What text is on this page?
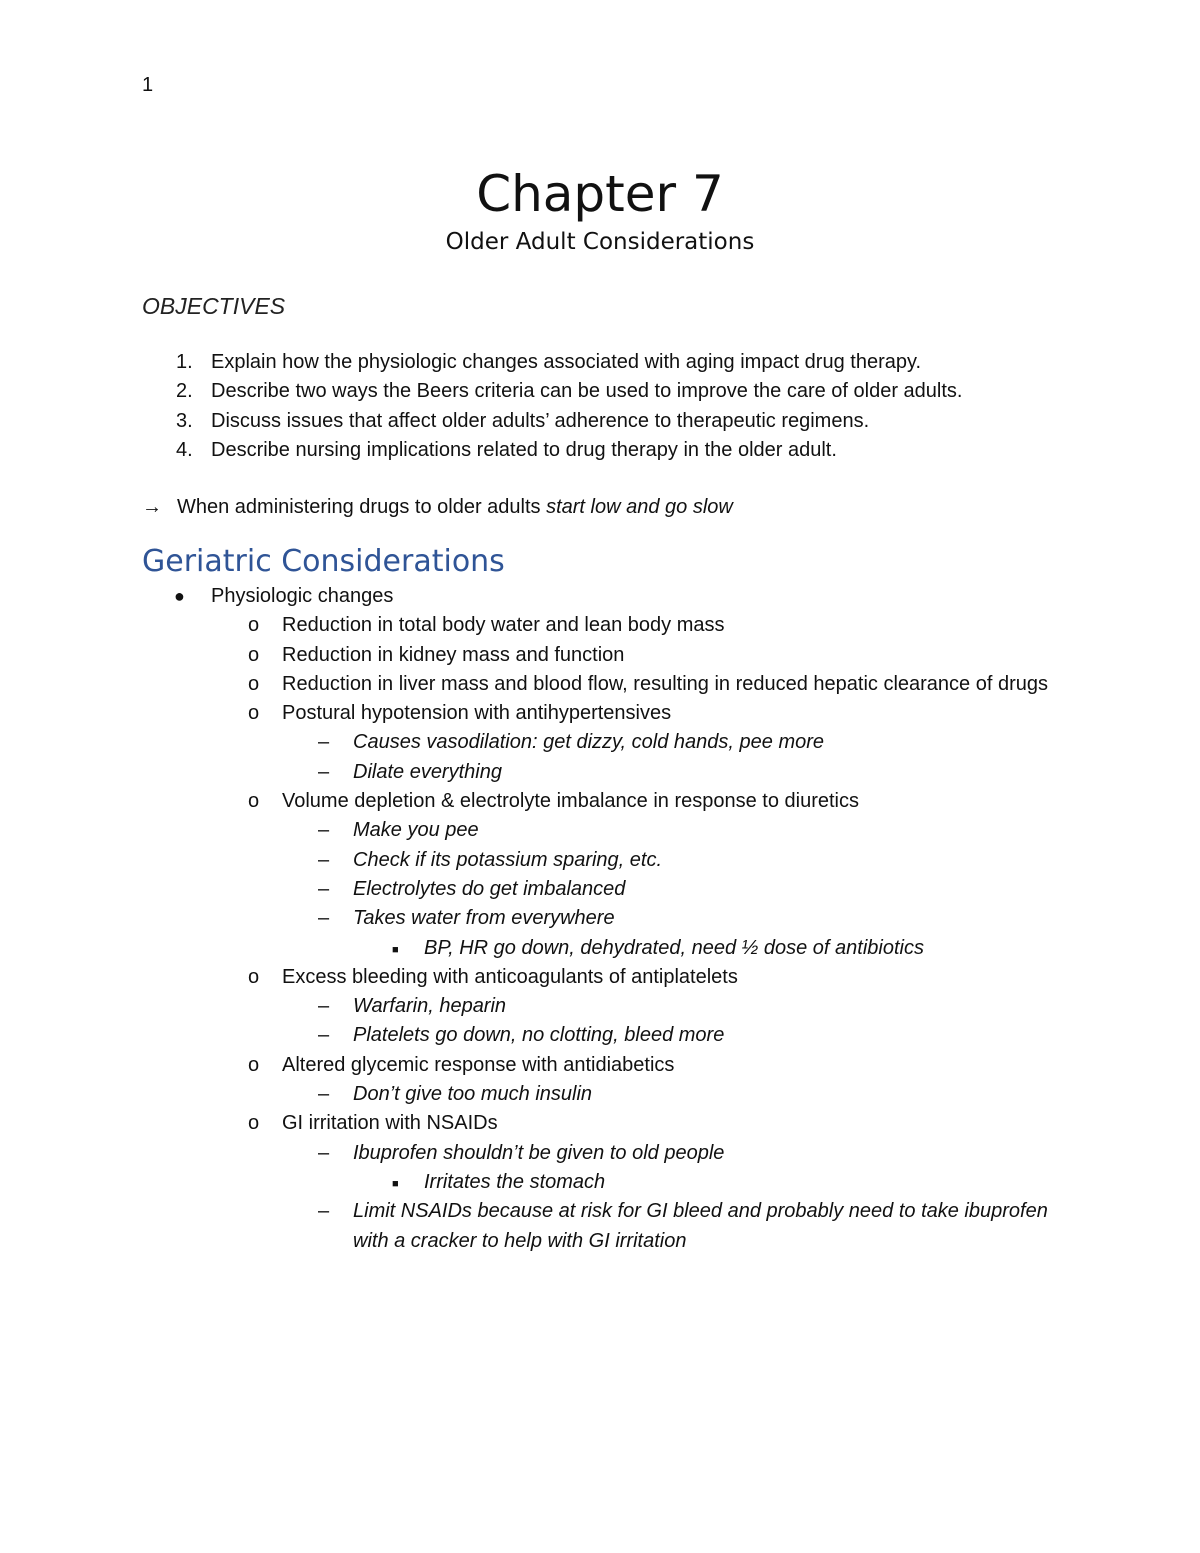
1
Chapter 7
Older Adult Considerations
OBJECTIVES
1. Explain how the physiologic changes associated with aging impact drug therapy.
2. Describe two ways the Beers criteria can be used to improve the care of older adults.
3. Discuss issues that affect older adults’ adherence to therapeutic regimens.
4. Describe nursing implications related to drug therapy in the older adult.
→ When administering drugs to older adults start low and go slow
Geriatric Considerations
● Physiologic changes
o Reduction in total body water and lean body mass
o Reduction in kidney mass and function
o Reduction in liver mass and blood flow, resulting in reduced hepatic clearance of drugs
o Postural hypotension with antihypertensives
– Causes vasodilation: get dizzy, cold hands, pee more
– Dilate everything
o Volume depletion & electrolyte imbalance in response to diuretics
– Make you pee
– Check if its potassium sparing, etc.
– Electrolytes do get imbalanced
– Takes water from everywhere
■ BP, HR go down, dehydrated, need ½ dose of antibiotics
o Excess bleeding with anticoagulants of antiplatelets
– Warfarin, heparin
– Platelets go down, no clotting, bleed more
o Altered glycemic response with antidiabetics
– Don’t give too much insulin
o GI irritation with NSAIDs
– Ibuprofen shouldn’t be given to old people
■ Irritates the stomach
– Limit NSAIDs because at risk for GI bleed and probably need to take ibuprofen with a cracker to help with GI irritation
